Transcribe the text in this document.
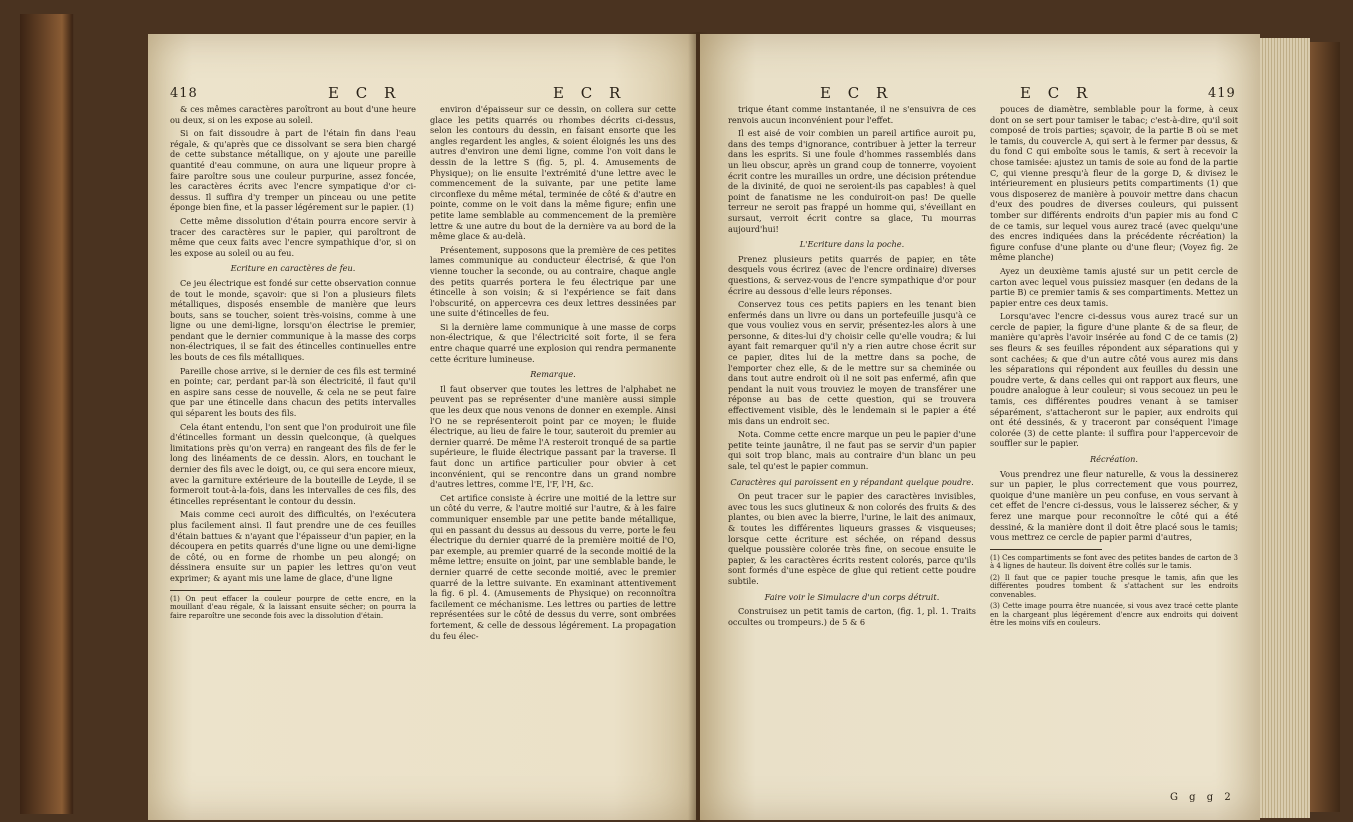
418	E C R	E C R

& ces mêmes caractères paroîtront au bout d'une heure ou deux, si on les expose au soleil.

Si on fait dissoudre à part de l'étain fin dans l'eau régale, & qu'après que ce dissolvant se sera bien chargé de cette substance métallique, on y ajoute une pareille quantité d'eau commune, on aura une liqueur propre à faire paroître sous une couleur purpurine, assez foncée, les caractères écrits avec l'encre sympatique d'or ci-dessus. Il suffira d'y tremper un pinceau ou une petite éponge bien fine, et la passer légérement sur le papier. (1)

Cette même dissolution d'étain pourra encore servir à tracer des caractères sur le papier, qui paroîtront de même que ceux faits avec l'encre sympathique d'or, si on les expose au soleil ou au feu.

Ecriture en caractères de feu.

Ce jeu électrique est fondé sur cette observation connue de tout le monde, sçavoir: que si l'on a plusieurs filets métalliques, disposés ensemble de manière que leurs bouts, sans se toucher, soient très-voisins, comme à une ligne ou une demi-ligne, lorsqu'on électrise le premier, pendant que le dernier communique à la masse des corps non-électriques, il se fait des étincelles continuelles entre les bouts de ces fils métalliques.

Pareille chose arrive, si le dernier de ces fils est terminé en pointe; car, perdant par-là son électricité, il faut qu'il en aspire sans cesse de nouvelle, & cela ne se peut faire que par une étincelle dans chacun des petits intervalles qui séparent les bouts des fils.

Cela étant entendu, l'on sent que l'on produiroit une file d'étincelles formant un dessin quelconque, (à quelques limitations près qu'on verra) en rangeant des fils de fer le long des linéaments de ce dessin. Alors, en touchant le dernier des fils avec le doigt, ou, ce qui sera encore mieux, avec la garniture extérieure de la bouteille de Leyde, il se formeroit tout-à-la-fois, dans les intervalles de ces fils, des étincelles représentant le contour du dessin.

Mais comme ceci auroit des difficultés, on l'exécutera plus facilement ainsi. Il faut prendre une de ces feuilles d'étain battues & n'ayant que l'épaisseur d'un papier, en la découpera en petits quarrés d'une ligne ou une demi-ligne de côté, ou en forme de rhombe un peu alongé; on déssinera ensuite sur un papier les lettres qu'on veut exprimer; & ayant mis une lame de glace, d'une ligne

(1) On peut effacer la couleur pourpre de cette encre, en la mouillant d'eau régale, & la laissant ensuite sécher; on pourra la faire reparoître une seconde fois avec la dissolution d'étain.

environ d'épaisseur sur ce dessin, on collera sur cette glace les petits quarrés ou rhombes décrits ci-dessus, selon les contours du dessin, en faisant ensorte que les angles regardent les angles, & soient éloignés les uns des autres d'environ une demi ligne, comme l'on voit dans le dessin de la lettre S (fig. 5, pl. 4. Amusements de Physique); on lie ensuite l'extrémité d'une lettre avec le commencement de la suivante, par une petite lame circonflexe du même métal, terminée de côté & d'autre en pointe, comme on le voit dans la même figure; enfin une petite lame semblable au commencement de la première lettre & une autre du bout de la dernière va au bord de la même glace & au-delà.

Présentement, supposons que la première de ces petites lames communique au conducteur électrisé, & que l'on vienne toucher la seconde, ou au contraire, chaque angle des petits quarrés portera le feu électrique par une étincelle à son voisin; & si l'expérience se fait dans l'obscurité, on appercevra ces deux lettres dessinées par une suite d'étincelles de feu.

Si la dernière lame communique à une masse de corps non-électrique, & que l'électricité soit forte, il se fera entre chaque quarré une explosion qui rendra permanente cette écriture lumineuse.

Remarque.

Il faut observer que toutes les lettres de l'alphabet ne peuvent pas se représenter d'une manière aussi simple que les deux que nous venons de donner en exemple. Ainsi l'O ne se représenteroit point par ce moyen; le fluide électrique, au lieu de faire le tour, sauteroit du premier au dernier quarré. De même l'A resteroit tronqué de sa partie supérieure, le fluide électrique passant par la traverse. Il faut donc un artifice particulier pour obvier à cet inconvénient, qui se rencontre dans un grand nombre d'autres lettres, comme l'E, l'F, l'H, &c.

Cet artifice consiste à écrire une moitié de la lettre sur un côté du verre, & l'autre moitié sur l'autre, & à les faire communiquer ensemble par une petite bande métallique, qui en passant du dessus au dessous du verre, porte le feu électrique du dernier quarré de la première moitié de l'O, par exemple, au premier quarré de la seconde moitié de la même lettre; ensuite on joint, par une semblable bande, le dernier quarré de cette seconde moitié, avec le premier quarré de la lettre suivante. En examinant attentivement la fig. 6 pl. 4. (Amusements de Physique) on reconnoîtra facilement ce méchanisme. Les lettres ou parties de lettre représentées sur le côté de dessus du verre, sont ombrées fortement, & celle de dessous légérement. La propagation du feu élec-

E C R	E C R	419

trique étant comme instantanée, il ne s'ensuivra de ces renvois aucun inconvénient pour l'effet.

Il est aisé de voir combien un pareil artifice auroit pu, dans des temps d'ignorance, contribuer à jetter la terreur dans les esprits. Si une foule d'hommes rassemblés dans un lieu obscur, après un grand coup de tonnerre, voyoient écrit contre les murailles un ordre, une décision prétendue de la divinité, de quoi ne seroient-ils pas capables! à quel point de fanatisme ne les conduiroit-on pas! De quelle terreur ne seroit pas frappé un homme qui, s'éveillant en sursaut, verroit écrit contre sa glace, Tu mourras aujourd'hui!

L'Ecriture dans la poche.

Prenez plusieurs petits quarrés de papier, en tête desquels vous écrirez (avec de l'encre ordinaire) diverses questions, & servez-vous de l'encre sympathique d'or pour écrire au dessous d'elle leurs réponses.

Conservez tous ces petits papiers en les tenant bien enfermés dans un livre ou dans un portefeuille jusqu'à ce que vous vouliez vous en servir, présentez-les alors à une personne, & dites-lui d'y choisir celle qu'elle voudra; & lui ayant fait remarquer qu'il n'y a rien autre chose écrit sur ce papier, dites lui de la mettre dans sa poche, de l'emporter chez elle, & de le mettre sur sa cheminée ou dans tout autre endroit où il ne soit pas enfermé, afin que pendant la nuit vous trouviez le moyen de transférer une réponse au bas de cette question, qui se trouvera effectivement visible, dès le lendemain si le papier a été mis dans un endroit sec.

Nota. Comme cette encre marque un peu le papier d'une petite teinte jaunâtre, il ne faut pas se servir d'un papier qui soit trop blanc, mais au contraire d'un blanc un peu sale, tel qu'est le papier commun.

Caractères qui paroissent en y répandant quelque poudre.

On peut tracer sur le papier des caractères invisibles, avec tous les sucs glutineux & non colorés des fruits & des plantes, ou bien avec la bierre, l'urine, le lait des animaux, & toutes les différentes liqueurs grasses & visqueuses; lorsque cette écriture est séchée, on répand dessus quelque poussière colorée très fine, on secoue ensuite le papier, & les caractères écrits restent colorés, parce qu'ils sont formés d'une espèce de glue qui retient cette poudre subtile.

Faire voir le Simulacre d'un corps détruit.

Construisez un petit tamis de carton, (fig. 1, pl. 1. Traits occultes ou trompeurs.) de 5 & 6

pouces de diamètre, semblable pour la forme, à ceux dont on se sert pour tamiser le tabac; c'est-à-dire, qu'il soit composé de trois parties; sçavoir, de la partie B où se met le tamis, du couvercle A, qui sert à le fermer par dessus, & du fond C qui emboîte sous le tamis, & sert à recevoir la chose tamisée: ajustez un tamis de soie au fond de la partie C, qui vienne presqu'à fleur de la gorge D, & divisez le intérieurement en plusieurs petits compartiments (1) que vous disposerez de manière à pouvoir mettre dans chacun d'eux des poudres de diverses couleurs, qui puissent tomber sur différents endroits d'un papier mis au fond C de ce tamis, sur lequel vous aurez tracé (avec quelqu'une des encres indiquées dans la précédente récréation) la figure confuse d'une plante ou d'une fleur; (Voyez fig. 2e même planche)

Ayez un deuxième tamis ajusté sur un petit cercle de carton avec lequel vous puissiez masquer (en dedans de la partie B) ce premier tamis & ses compartiments. Mettez un papier entre ces deux tamis.

Lorsqu'avec l'encre ci-dessus vous aurez tracé sur un cercle de papier, la figure d'une plante & de sa fleur, de manière qu'après l'avoir insérée au fond C de ce tamis (2) ses fleurs & ses feuilles répondent aux séparations qui y sont cachées; & que d'un autre côté vous aurez mis dans les séparations qui répondent aux feuilles du dessin une poudre verte, & dans celles qui ont rapport aux fleurs, une poudre analogue à leur couleur; si vous secouez un peu le tamis, ces différentes poudres venant à se tamiser séparément, s'attacheront sur le papier, aux endroits qui ont été dessinés, & y traceront par conséquent l'image colorée (3) de cette plante: il suffira pour l'appercevoir de souffler sur le papier.

Récréation.

Vous prendrez une fleur naturelle, & vous la dessinerez sur un papier, le plus correctement que vous pourrez, quoique d'une manière un peu confuse, en vous servant à cet effet de l'encre ci-dessus, vous le laisserez sécher, & y ferez une marque pour reconnoître le côté qui a été dessiné, & la manière dont il doit être placé sous le tamis; vous mettrez ce cercle de papier parmi d'autres,

(1) Ces compartiments se font avec des petites bandes de carton de 3 à 4 lignes de hauteur. Ils doivent être collés sur le tamis.

(2) Il faut que ce papier touche presque le tamis, afin que les différentes poudres tombent & s'attachent sur les endroits convenables.

(3) Cette image pourra être nuancée, si vous avez tracé cette plante en la chargeant plus légérement d'encre aux endroits qui doivent être les moins vifs en couleurs.

G g g 2
